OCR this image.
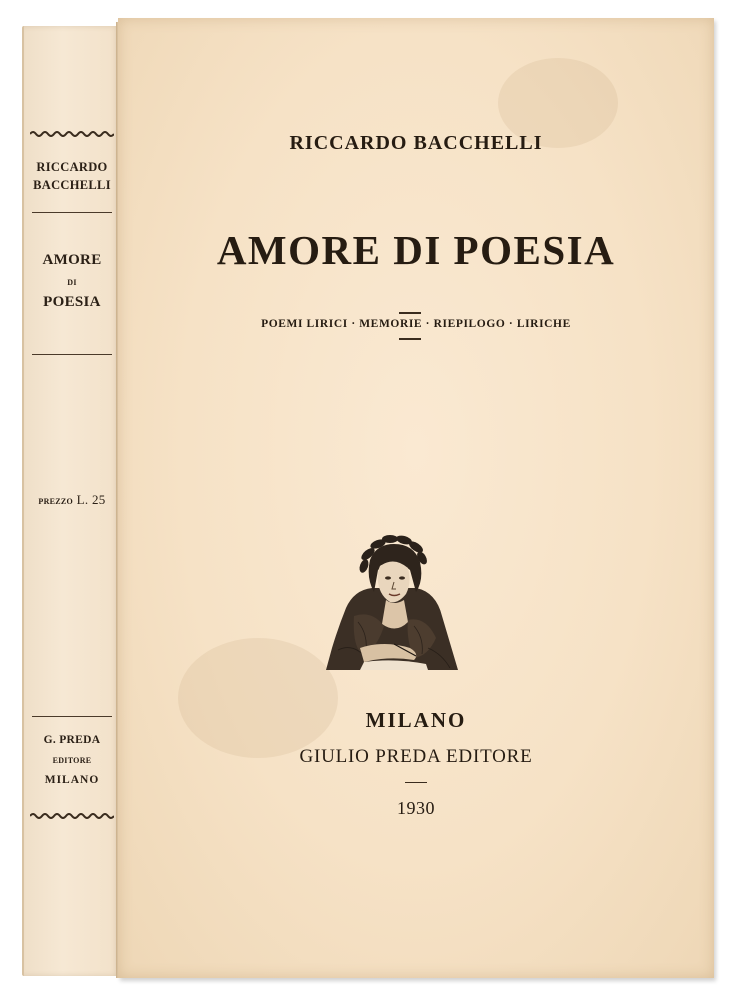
RICCARDO
BACCHELLI
AMORE
DI
POESIA
PREZZO L. 25
G. PREDA
EDITORE
MILANO
RICCARDO BACCHELLI
AMORE DI POESIA
POEMI LIRICI · MEMORIE · RIEPILOGO · LIRICHE
MILANO
GIULIO PREDA EDITORE
1930
